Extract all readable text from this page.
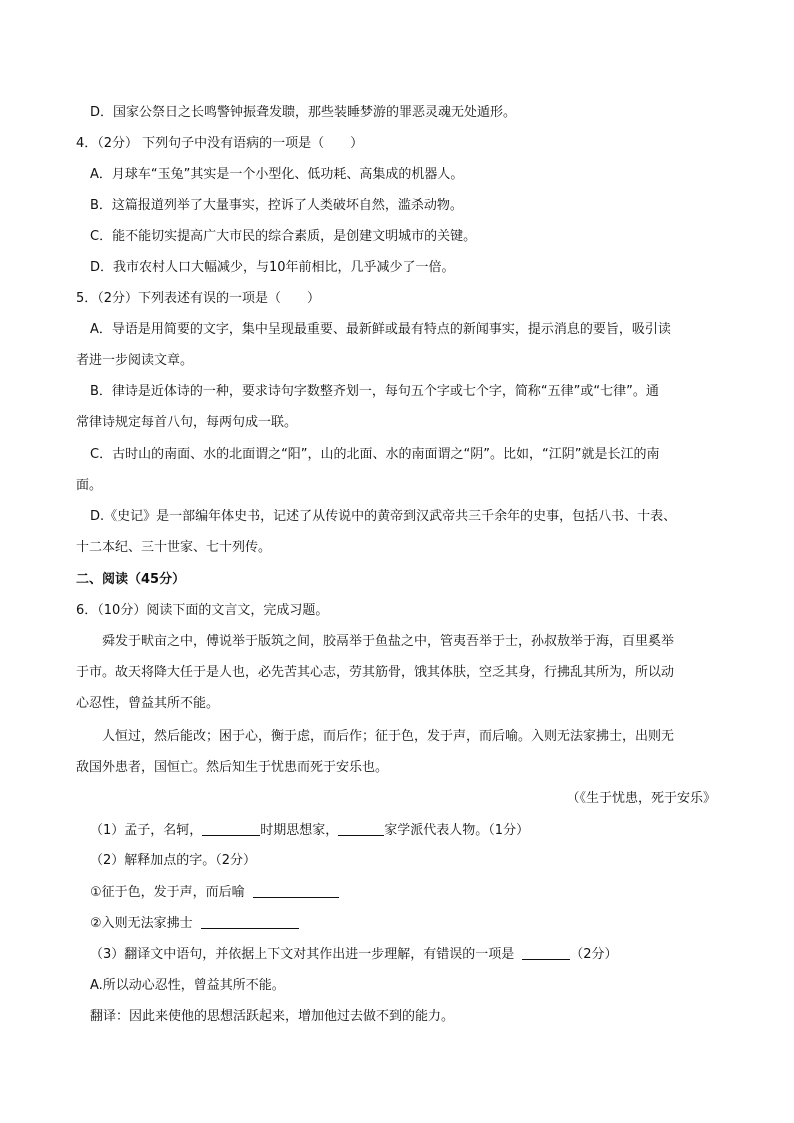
D．国家公祭日之长鸣警钟振聋发聩，那些装睡梦游的罪恶灵魂无处遁形。
4．（2分） 下列句子中没有语病的一项是（　　）
A．月球车“玉兔”其实是一个小型化、低功耗、高集成的机器人。
B．这篇报道列举了大量事实，控诉了人类破坏自然，滥杀动物。
C．能不能切实提高广大市民的综合素质，是创建文明城市的关键。
D．我市农村人口大幅减少，与10年前相比，几乎减少了一倍。
5．（2分）下列表述有误的一项是（　　）
A．导语是用简要的文字，集中呈现最重要、最新鲜或最有特点的新闻事实，提示消息的要旨，吸引读
者进一步阅读文章。
B．律诗是近体诗的一种，要求诗句字数整齐划一，每句五个字或七个字，简称“五律”或“七律”。通
常律诗规定每首八句，每两句成一联。
C．古时山的南面、水的北面谓之“阳”，山的北面、水的南面谓之“阴”。比如，“江阴”就是长江的南
面。
D.《史记》是一部编年体史书，记述了从传说中的黄帝到汉武帝共三千余年的史事，包括八书、十表、
十二本纪、三十世家、七十列传。
二、阅读（45分）
6．（10分）阅读下面的文言文，完成习题。
舜发于畎亩之中，傅说举于版筑之间，胶鬲举于鱼盐之中，管夷吾举于士，孙叔敖举于海，百里奚举
于市。故天将降大任于是人也，必先苦其心志，劳其筋骨，饿其体肤，空乏其身，行拂乱其所为，所以动
心忍性，曾益其所不能。
人恒过，然后能改；困于心，衡于虑，而后作；征于色，发于声，而后喻。入则无法家拂士，出则无
敌国外患者，国恒亡。然后知生于忧患而死于安乐也。
（《生于忧患，死于安乐》
（1）孟子，名轲，	时期思想家，	家学派代表人物。（1分）
（2）解释加点的字。（2分）
①征于色，发于声，而后喻
②入则无法家拂士
（3）翻译文中语句，并依据上下文对其作出进一步理解，有错误的一项是	（2分）
A.所以动心忍性，曾益其所不能。
翻译：因此来使他的思想活跃起来，增加他过去做不到的能力。
